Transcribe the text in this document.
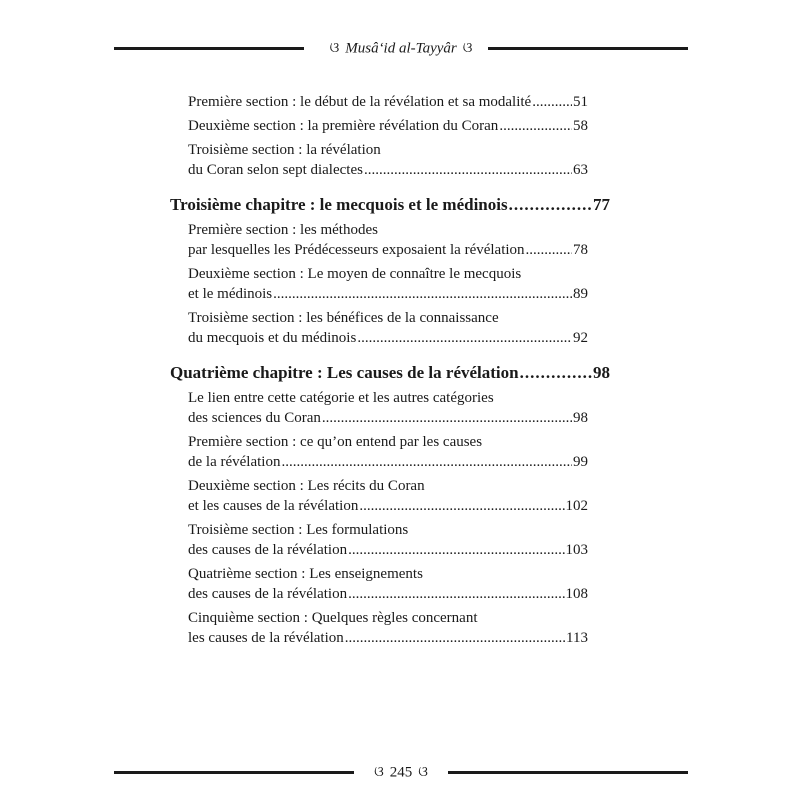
ଓ Musâ‘id al-Tayyâr ଓ
Première section : le début de la révélation et sa modalité .....	51
Deuxième section : la première révélation du Coran .....	58
Troisième section : la révélation
du Coran selon sept dialectes .....	63
Troisième chapitre : le mecquois et le médinois .....	77
Première section : les méthodes
par lesquelles les Prédécesseurs exposaient la révélation .....	78
Deuxième section : Le moyen de connaître le mecquois
et le médinois .....	89
Troisième section : les bénéfices de la connaissance
du mecquois et du médinois .....	92
Quatrième chapitre : Les causes de la révélation .....	98
Le lien entre cette catégorie et les autres catégories
des sciences du Coran .....	98
Première section : ce qu’on entend par les causes
de la révélation .....	99
Deuxième section : Les récits du Coran
et les causes de la révélation .....	102
Troisième section : Les formulations
des causes de la révélation .....	103
Quatrième section : Les enseignements
des causes de la révélation .....	108
Cinquième section : Quelques règles concernant
les causes de la révélation .....	113
ଓ 245 ଓ
